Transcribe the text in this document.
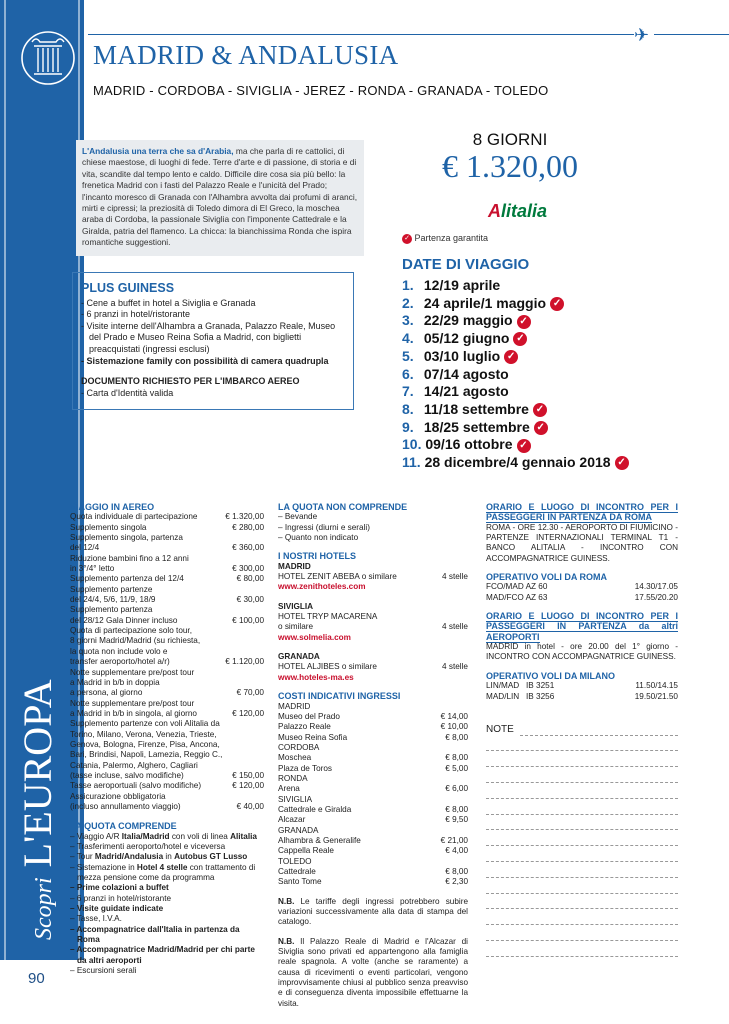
Scopri L'EUROPA
90
✈
MADRID & ANDALUSIA
MADRID - CORDOBA - SIVIGLIA - JEREZ - RONDA - GRANADA - TOLEDO
L'Andalusia una terra che sa d'Arabia, ma che parla di re cattolici, di chiese maestose, di luoghi di fede. Terre d'arte e di passione, di storia e di vita, scandite dal tempo lento e caldo. Difficile dire cosa sia più bello: la frenetica Madrid con i fasti del Palazzo Reale e l'unicità del Prado; l'incanto moresco di Granada con l'Alhambra avvolta dai profumi di aranci, mirti e cipressi; la preziosità di Toledo dimora di El Greco, la moschea araba di Cordoba, la passionale Siviglia con l'imponente Cattedrale e la Giralda, patria del flamenco. La chicca: la bianchissima Ronda che ispira romantiche suggestioni.
8 GIORNI
€ 1.320,00
Alitalia
✓ Partenza garantita
PLUS GUINESS
- Cene a buffet in hotel a Siviglia e Granada
- 6 pranzi in hotel/ristorante
- Visite interne dell'Alhambra a Granada, Palazzo Reale, Museo del Prado e Museo Reina Sofia a Madrid, con biglietti preacquistati (ingressi esclusi)
- Sistemazione family con possibilità di camera quadrupla
DOCUMENTO RICHIESTO PER L'IMBARCO AEREO
- Carta d'Identità valida
DATE DI VIAGGIO
1. 12/19 aprile
2. 24 aprile/1 maggio ✓
3. 22/29 maggio ✓
4. 05/12 giugno ✓
5. 03/10 luglio ✓
6. 07/14 agosto
7. 14/21 agosto
8. 11/18 settembre ✓
9. 18/25 settembre ✓
10. 09/16 ottobre ✓
11. 28 dicembre/4 gennaio 2018 ✓
VIAGGIO IN AEREO
Quota individuale di partecipazione	€ 1.320,00
Supplemento singola	€ 280,00
Supplemento singola, partenza
del 12/4	€ 360,00
Riduzione bambini fino a 12 anni
in 3°/4° letto	€ 300,00
Supplemento partenza del 12/4	€ 80,00
Supplemento partenze
del 24/4, 5/6, 11/9, 18/9	€ 30,00
Supplemento partenza
del 28/12 Gala Dinner incluso	€ 100,00
Quota di partecipazione solo tour,
8 giorni Madrid/Madrid (su richiesta,
la quota non include volo e
transfer aeroporto/hotel a/r)	€ 1.120,00
Notte supplementare pre/post tour
a Madrid in b/b in doppia
a persona, al giorno	€ 70,00
Notte supplementare pre/post tour
a Madrid in b/b in singola, al giorno	€ 120,00
Supplemento partenze con voli Alitalia da
Torino, Milano, Verona, Venezia, Trieste,
Genova, Bologna, Firenze, Pisa, Ancona,
Bari, Brindisi, Napoli, Lamezia, Reggio C.,
Catania, Palermo, Alghero, Cagliari
(tasse incluse, salvo modifiche)	€ 150,00
Tasse aeroportuali (salvo modifiche)	€ 120,00
Assicurazione obbligatoria
(incluso annullamento viaggio)	€ 40,00
LA QUOTA COMPRENDE
– Viaggio A/R Italia/Madrid con voli di linea Alitalia
– Trasferimenti aeroporto/hotel e viceversa
– Tour Madrid/Andalusia in Autobus GT Lusso
– Sistemazione in Hotel 4 stelle con trattamento di mezza pensione come da programma
– Prime colazioni a buffet
– 6 pranzi in hotel/ristorante
– Visite guidate indicate
– Tasse, I.V.A.
– Accompagnatrice dall'Italia in partenza da Roma
– Accompagnatrice Madrid/Madrid per chi parte da altri aeroporti
– Escursioni serali
LA QUOTA NON COMPRENDE
– Bevande
– Ingressi (diurni e serali)
– Quanto non indicato
I NOSTRI HOTELS
MADRID
HOTEL ZENIT ABEBA o similare	4 stelle
www.zenithoteles.com
SIVIGLIA
HOTEL TRYP MACARENA
o similare	4 stelle
www.solmelia.com
GRANADA
HOTEL ALJIBES o similare	4 stelle
www.hoteles-ma.es
COSTI INDICATIVI INGRESSI
MADRID
Museo del Prado	€ 14,00
Palazzo Reale	€ 10,00
Museo Reina Sofia	€ 8,00
CORDOBA
Moschea	€ 8,00
Plaza de Toros	€ 5,00
RONDA
Arena	€ 6,00
SIVIGLIA
Cattedrale e Giralda	€ 8,00
Alcazar	€ 9,50
GRANADA
Alhambra & Generalife	€ 21,00
Cappella Reale	€ 4,00
TOLEDO
Cattedrale	€ 8,00
Santo Tome	€ 2,30
N.B. Le tariffe degli ingressi potrebbero subire variazioni successivamente alla data di stampa del catalogo.
N.B. Il Palazzo Reale di Madrid e l'Alcazar di Siviglia sono privati ed appartengono alla famiglia reale spagnola. A volte (anche se raramente) a causa di ricevimenti o eventi particolari, vengono improvvisamente chiusi al pubblico senza preavviso e di conseguenza diventa impossibile effettuarne la visita.
ORARIO E LUOGO DI INCONTRO PER I PASSEGGERI IN PARTENZA DA ROMA
ROMA - ORE 12.30 - AEROPORTO DI FIUMICINO - PARTENZE INTERNAZIONALI TERMINAL T1 - BANCO ALITALIA - INCONTRO CON ACCOMPAGNATRICE GUINESS.
OPERATIVO VOLI DA ROMA
FCO/MAD AZ 60	14.30/17.05
MAD/FCO AZ 63	17.55/20.20
ORARIO E LUOGO DI INCONTRO PER I PASSEGGERI IN PARTENZA da altri AEROPORTI
MADRID in hotel - ore 20.00 del 1° giorno - INCONTRO CON ACCOMPAGNATRICE GUINESS.
OPERATIVO VOLI DA MILANO
LIN/MAD   IB 3251	11.50/14.15
MAD/LIN   IB 3256	19.50/21.50
NOTE
